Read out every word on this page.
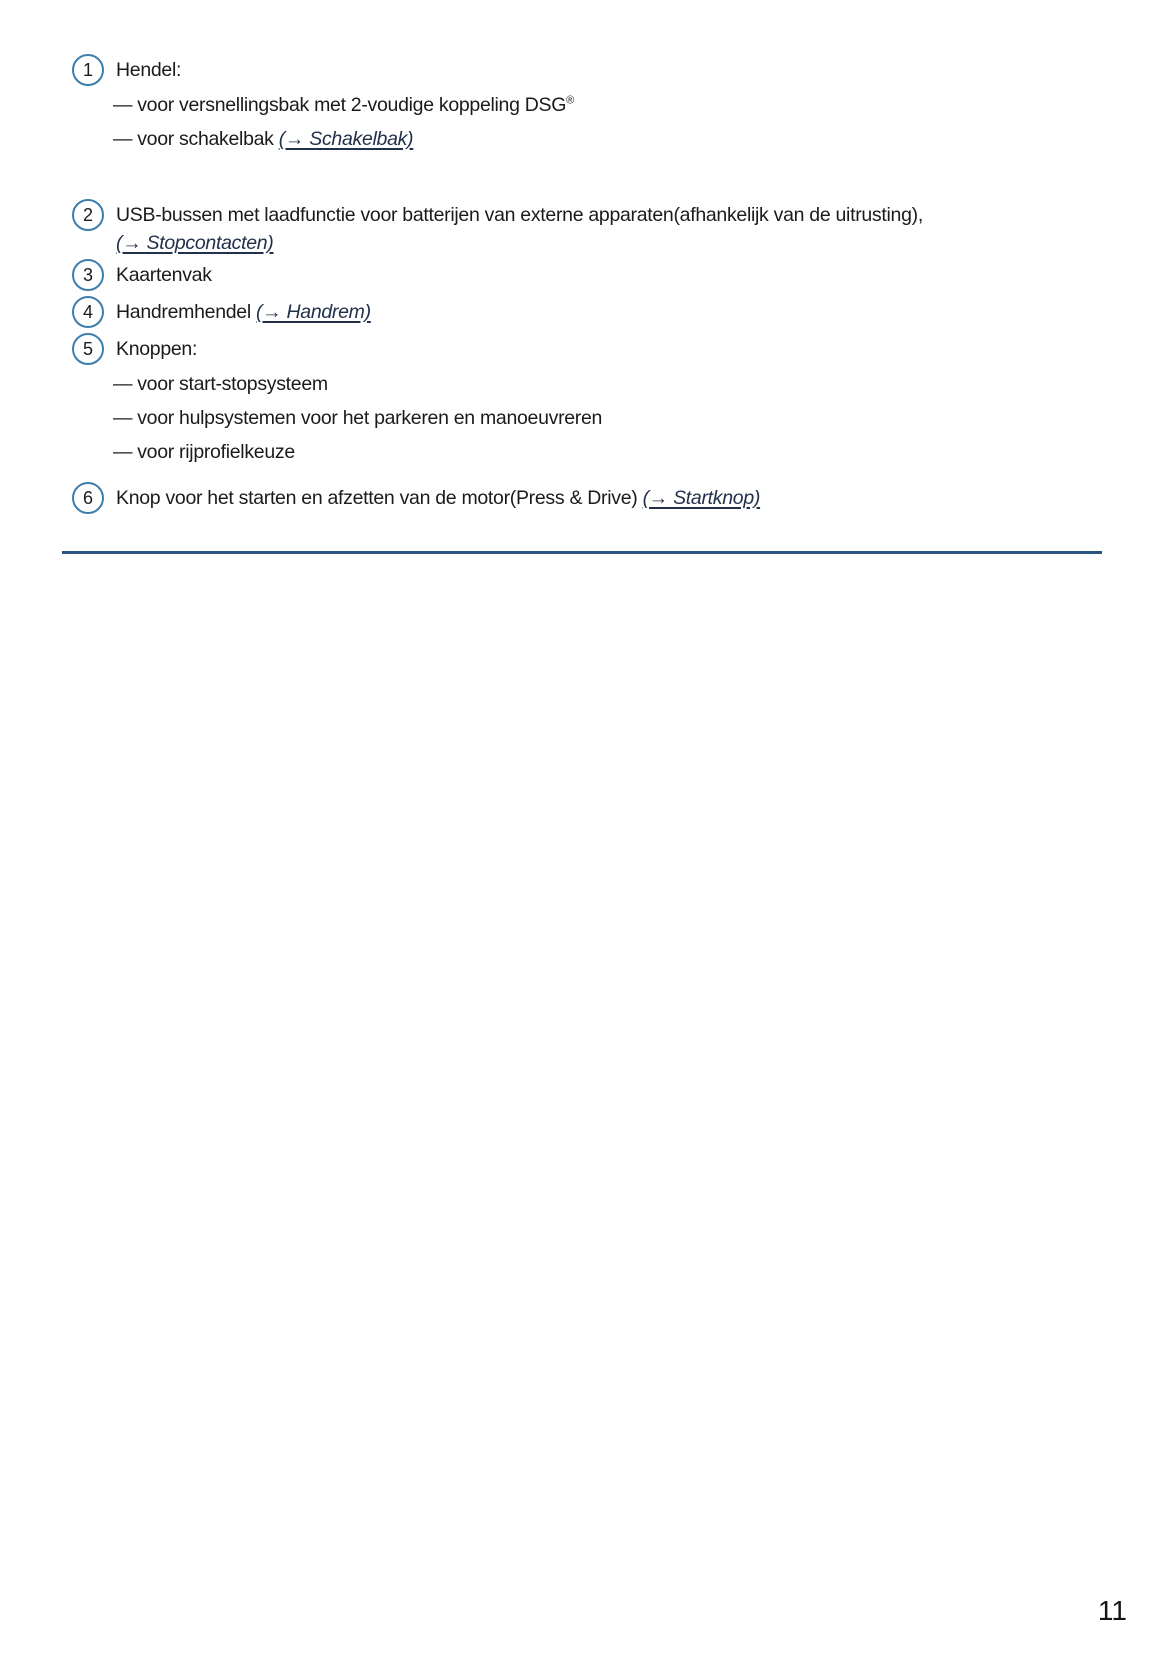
1	Hendel:
— voor versnellingsbak met 2-voudige koppeling DSG®
— voor schakelbak (→ Schakelbak)
2	USB-bussen met laadfunctie voor batterijen van externe apparaten(afhankelijk van de uitrusting),
(→ Stopcontacten)
3	Kaartenvak
4	Handremhendel (→ Handrem)
5	Knoppen:
— voor start-stopsysteem
— voor hulpsystemen voor het parkeren en manoeuvreren
— voor rijprofielkeuze
6	Knop voor het starten en afzetten van de motor(Press & Drive) (→ Startknop)
11
